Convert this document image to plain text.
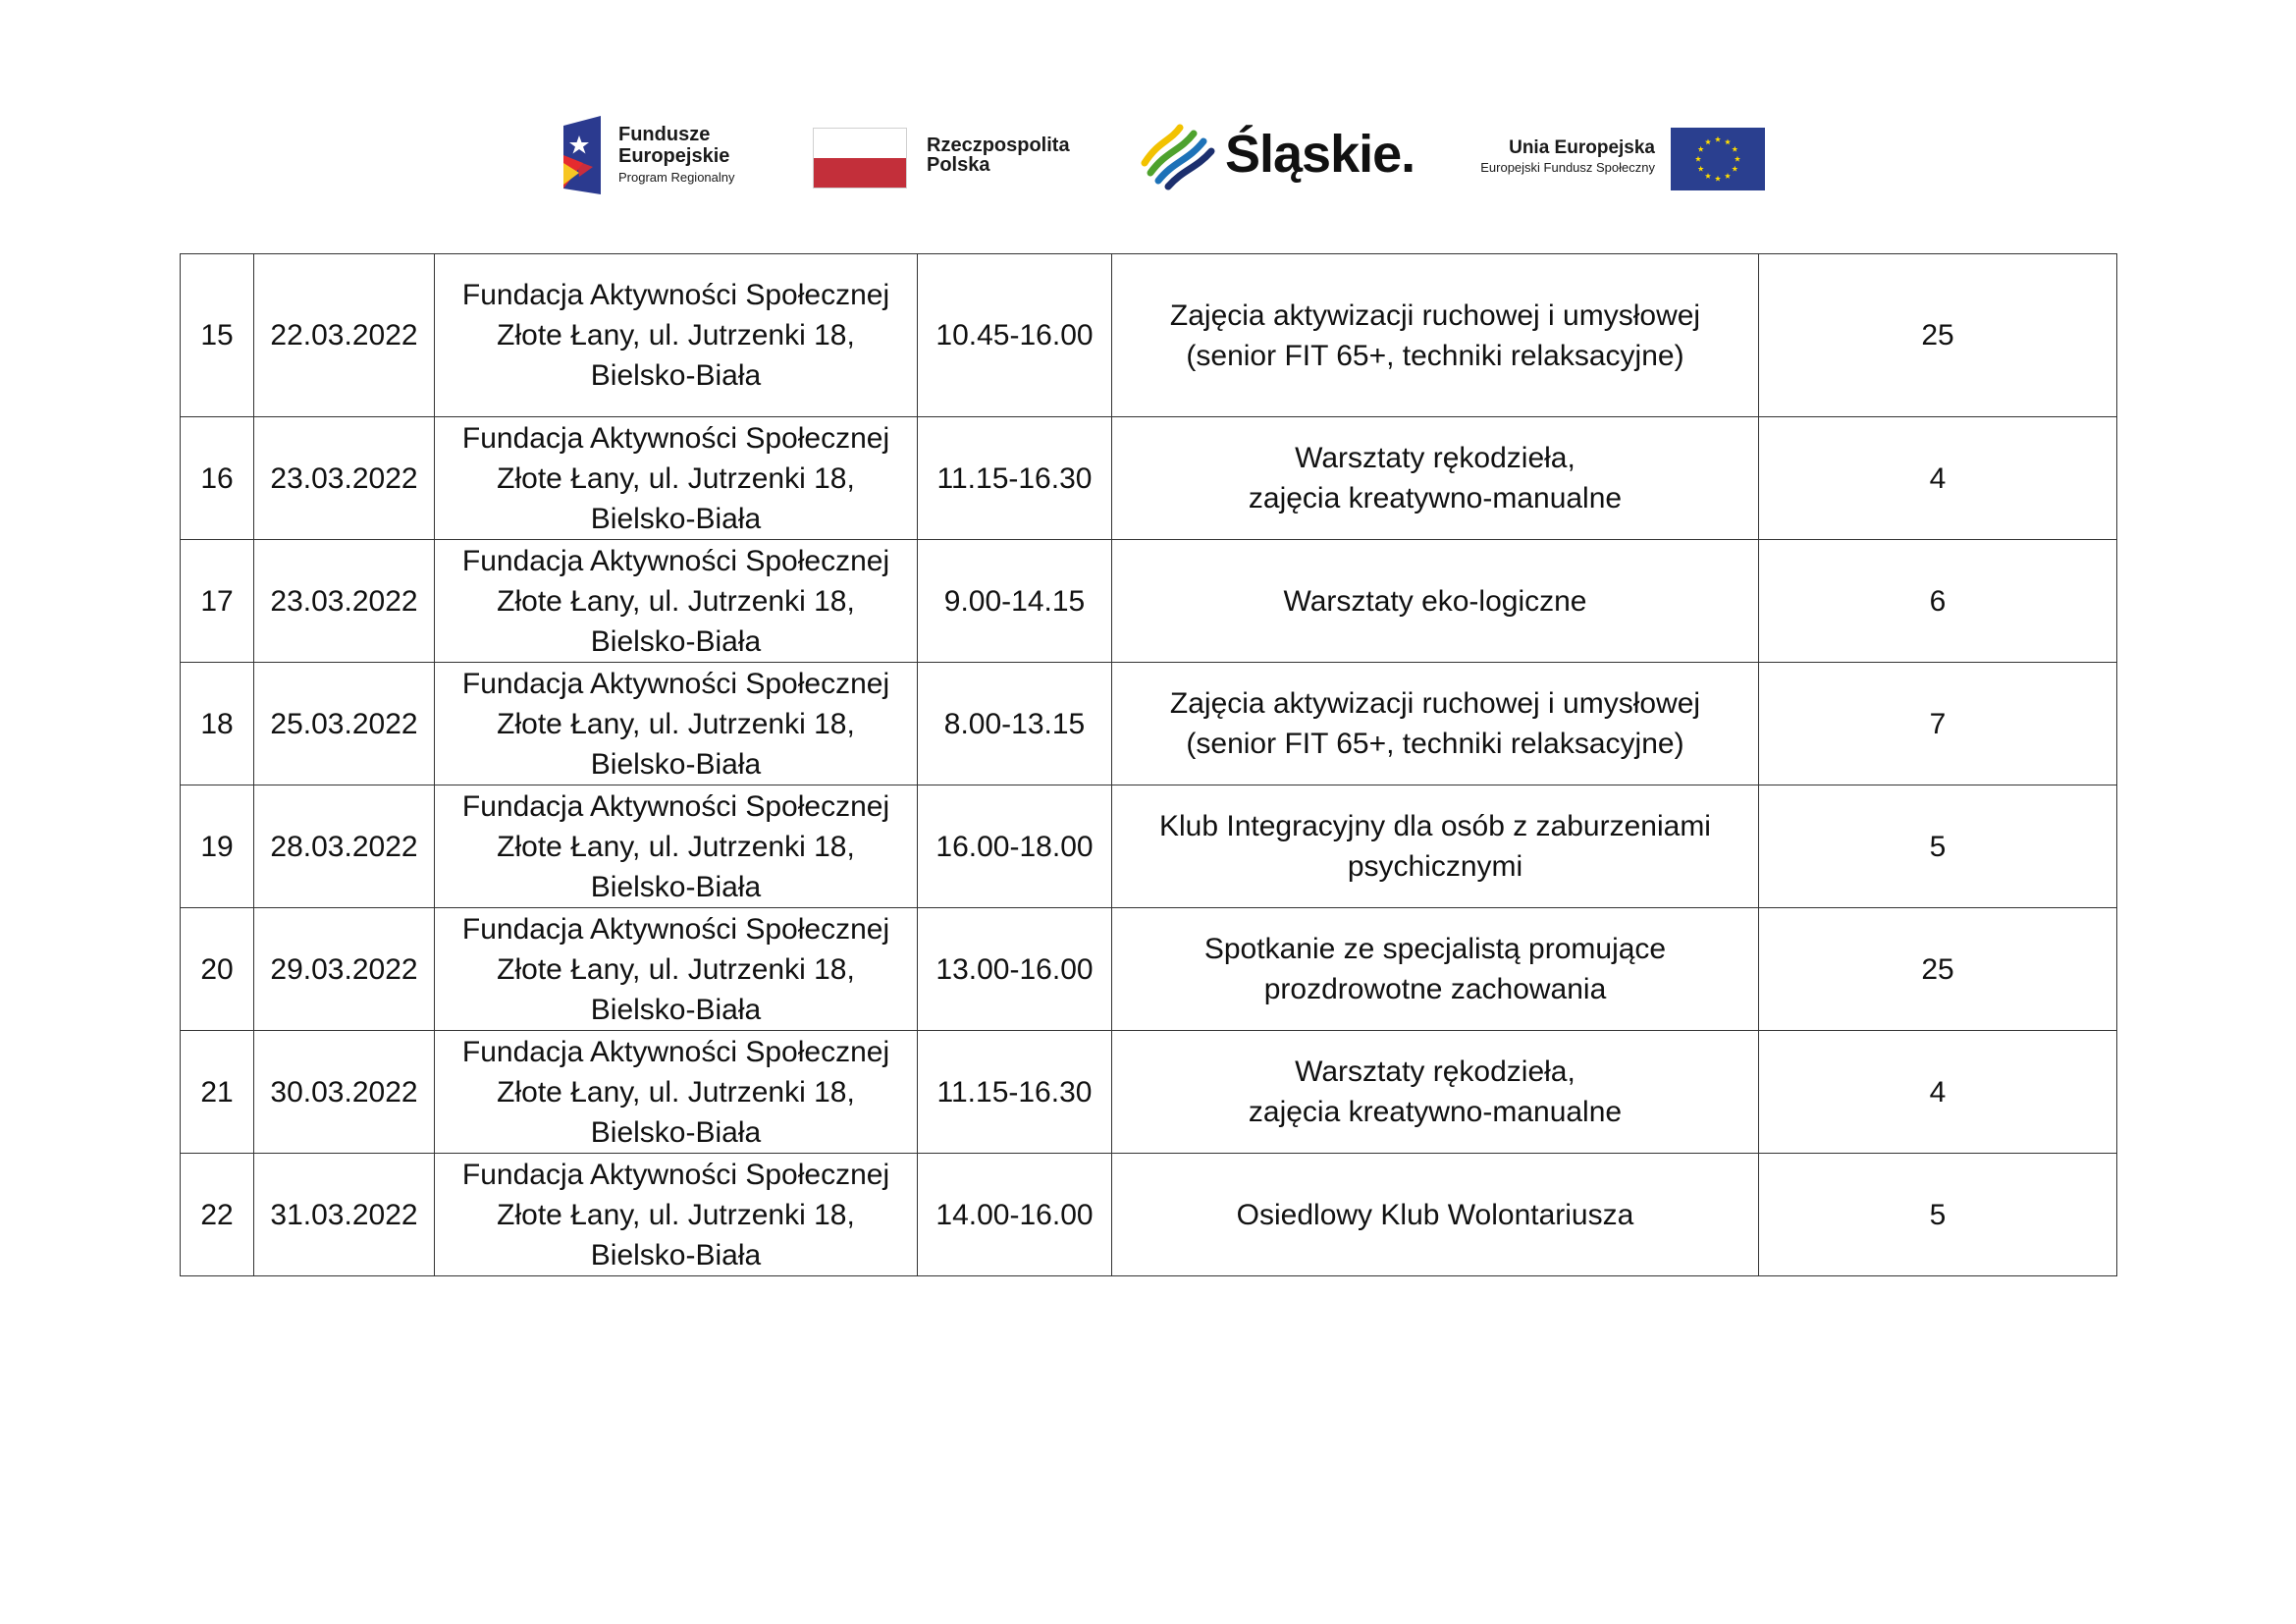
Fundusze
Europejskie
Program Regionalny
Rzeczpospolita
Polska	Śląskie.	Unia Europejska
Europejski Fundusz Społeczny
15	22.03.2022	Fundacja Aktywności Społecznej
Złote Łany, ul. Jutrzenki 18,
Bielsko-Biała	10.45-16.00	Zajęcia aktywizacji ruchowej i umysłowej
(senior FIT 65+, techniki relaksacyjne)	25
16	23.03.2022	Fundacja Aktywności Społecznej
Złote Łany, ul. Jutrzenki 18,
Bielsko-Biała	11.15-16.30	Warsztaty rękodzieła,
zajęcia kreatywno-manualne	4
17	23.03.2022	Fundacja Aktywności Społecznej
Złote Łany, ul. Jutrzenki 18,
Bielsko-Biała	9.00-14.15	Warsztaty eko-logiczne	6
18	25.03.2022	Fundacja Aktywności Społecznej
Złote Łany, ul. Jutrzenki 18,
Bielsko-Biała	8.00-13.15	Zajęcia aktywizacji ruchowej i umysłowej
(senior FIT 65+, techniki relaksacyjne)	7
19	28.03.2022	Fundacja Aktywności Społecznej
Złote Łany, ul. Jutrzenki 18,
Bielsko-Biała	16.00-18.00	Klub Integracyjny dla osób z zaburzeniami
psychicznymi	5
20	29.03.2022	Fundacja Aktywności Społecznej
Złote Łany, ul. Jutrzenki 18,
Bielsko-Biała	13.00-16.00	Spotkanie ze specjalistą promujące
prozdrowotne zachowania	25
21	30.03.2022	Fundacja Aktywności Społecznej
Złote Łany, ul. Jutrzenki 18,
Bielsko-Biała	11.15-16.30	Warsztaty rękodzieła,
zajęcia kreatywno-manualne	4
22	31.03.2022	Fundacja Aktywności Społecznej
Złote Łany, ul. Jutrzenki 18,
Bielsko-Biała	14.00-16.00	Osiedlowy Klub Wolontariusza	5
